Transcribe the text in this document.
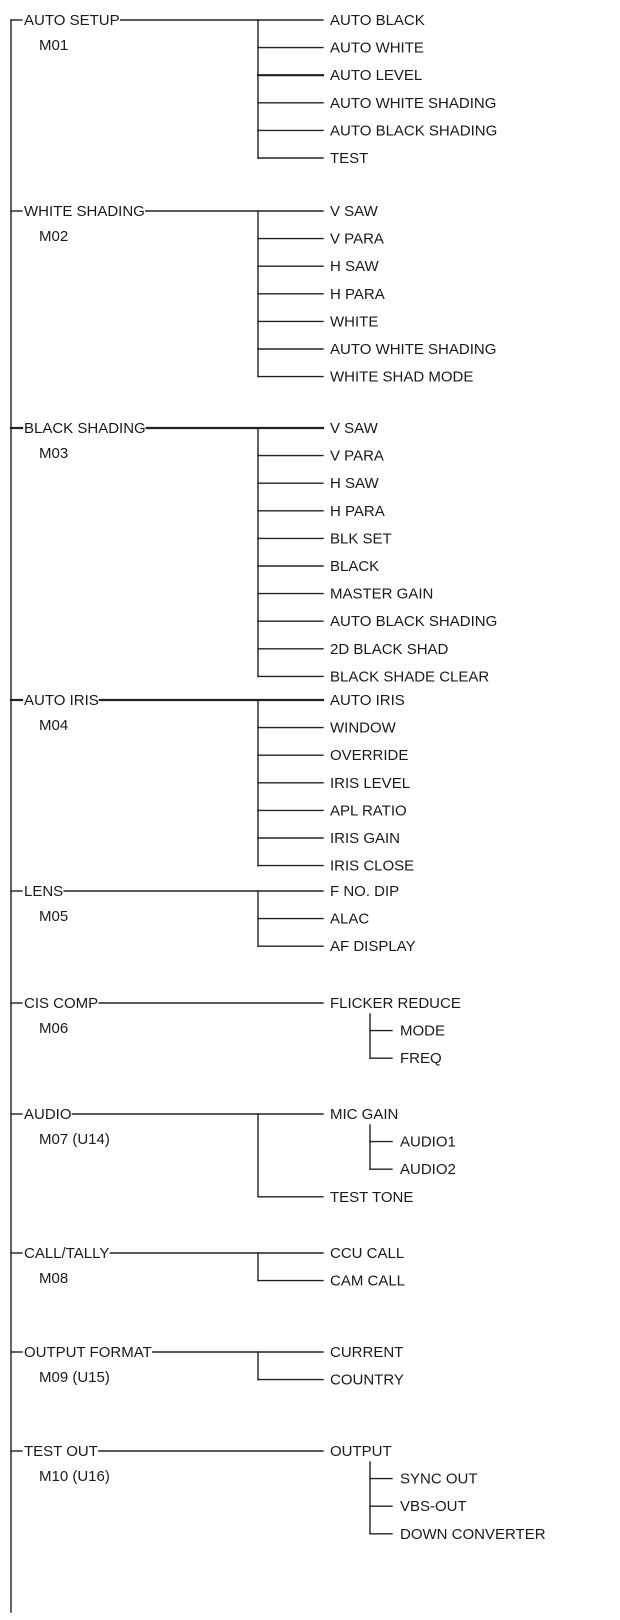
AUTO SETUP
M01
AUTO BLACK
AUTO WHITE
AUTO LEVEL
AUTO WHITE SHADING
AUTO BLACK SHADING
TEST
WHITE SHADING
M02
V SAW
V PARA
H SAW
H PARA
WHITE
AUTO WHITE SHADING
WHITE SHAD MODE
BLACK SHADING
M03
V SAW
V PARA
H SAW
H PARA
BLK SET
BLACK
MASTER GAIN
AUTO BLACK SHADING
2D BLACK SHAD
BLACK SHADE CLEAR
AUTO IRIS
M04
AUTO IRIS
WINDOW
OVERRIDE
IRIS LEVEL
APL RATIO
IRIS GAIN
IRIS CLOSE
LENS
M05
F NO. DIP
ALAC
AF DISPLAY
CIS COMP
M06
FLICKER REDUCE
MODE
FREQ
AUDIO
M07 (U14)
MIC GAIN
AUDIO1
AUDIO2
TEST TONE
CALL/TALLY
M08
CCU CALL
CAM CALL
OUTPUT FORMAT
M09 (U15)
CURRENT
COUNTRY
TEST OUT
M10 (U16)
OUTPUT
SYNC OUT
VBS-OUT
DOWN CONVERTER
